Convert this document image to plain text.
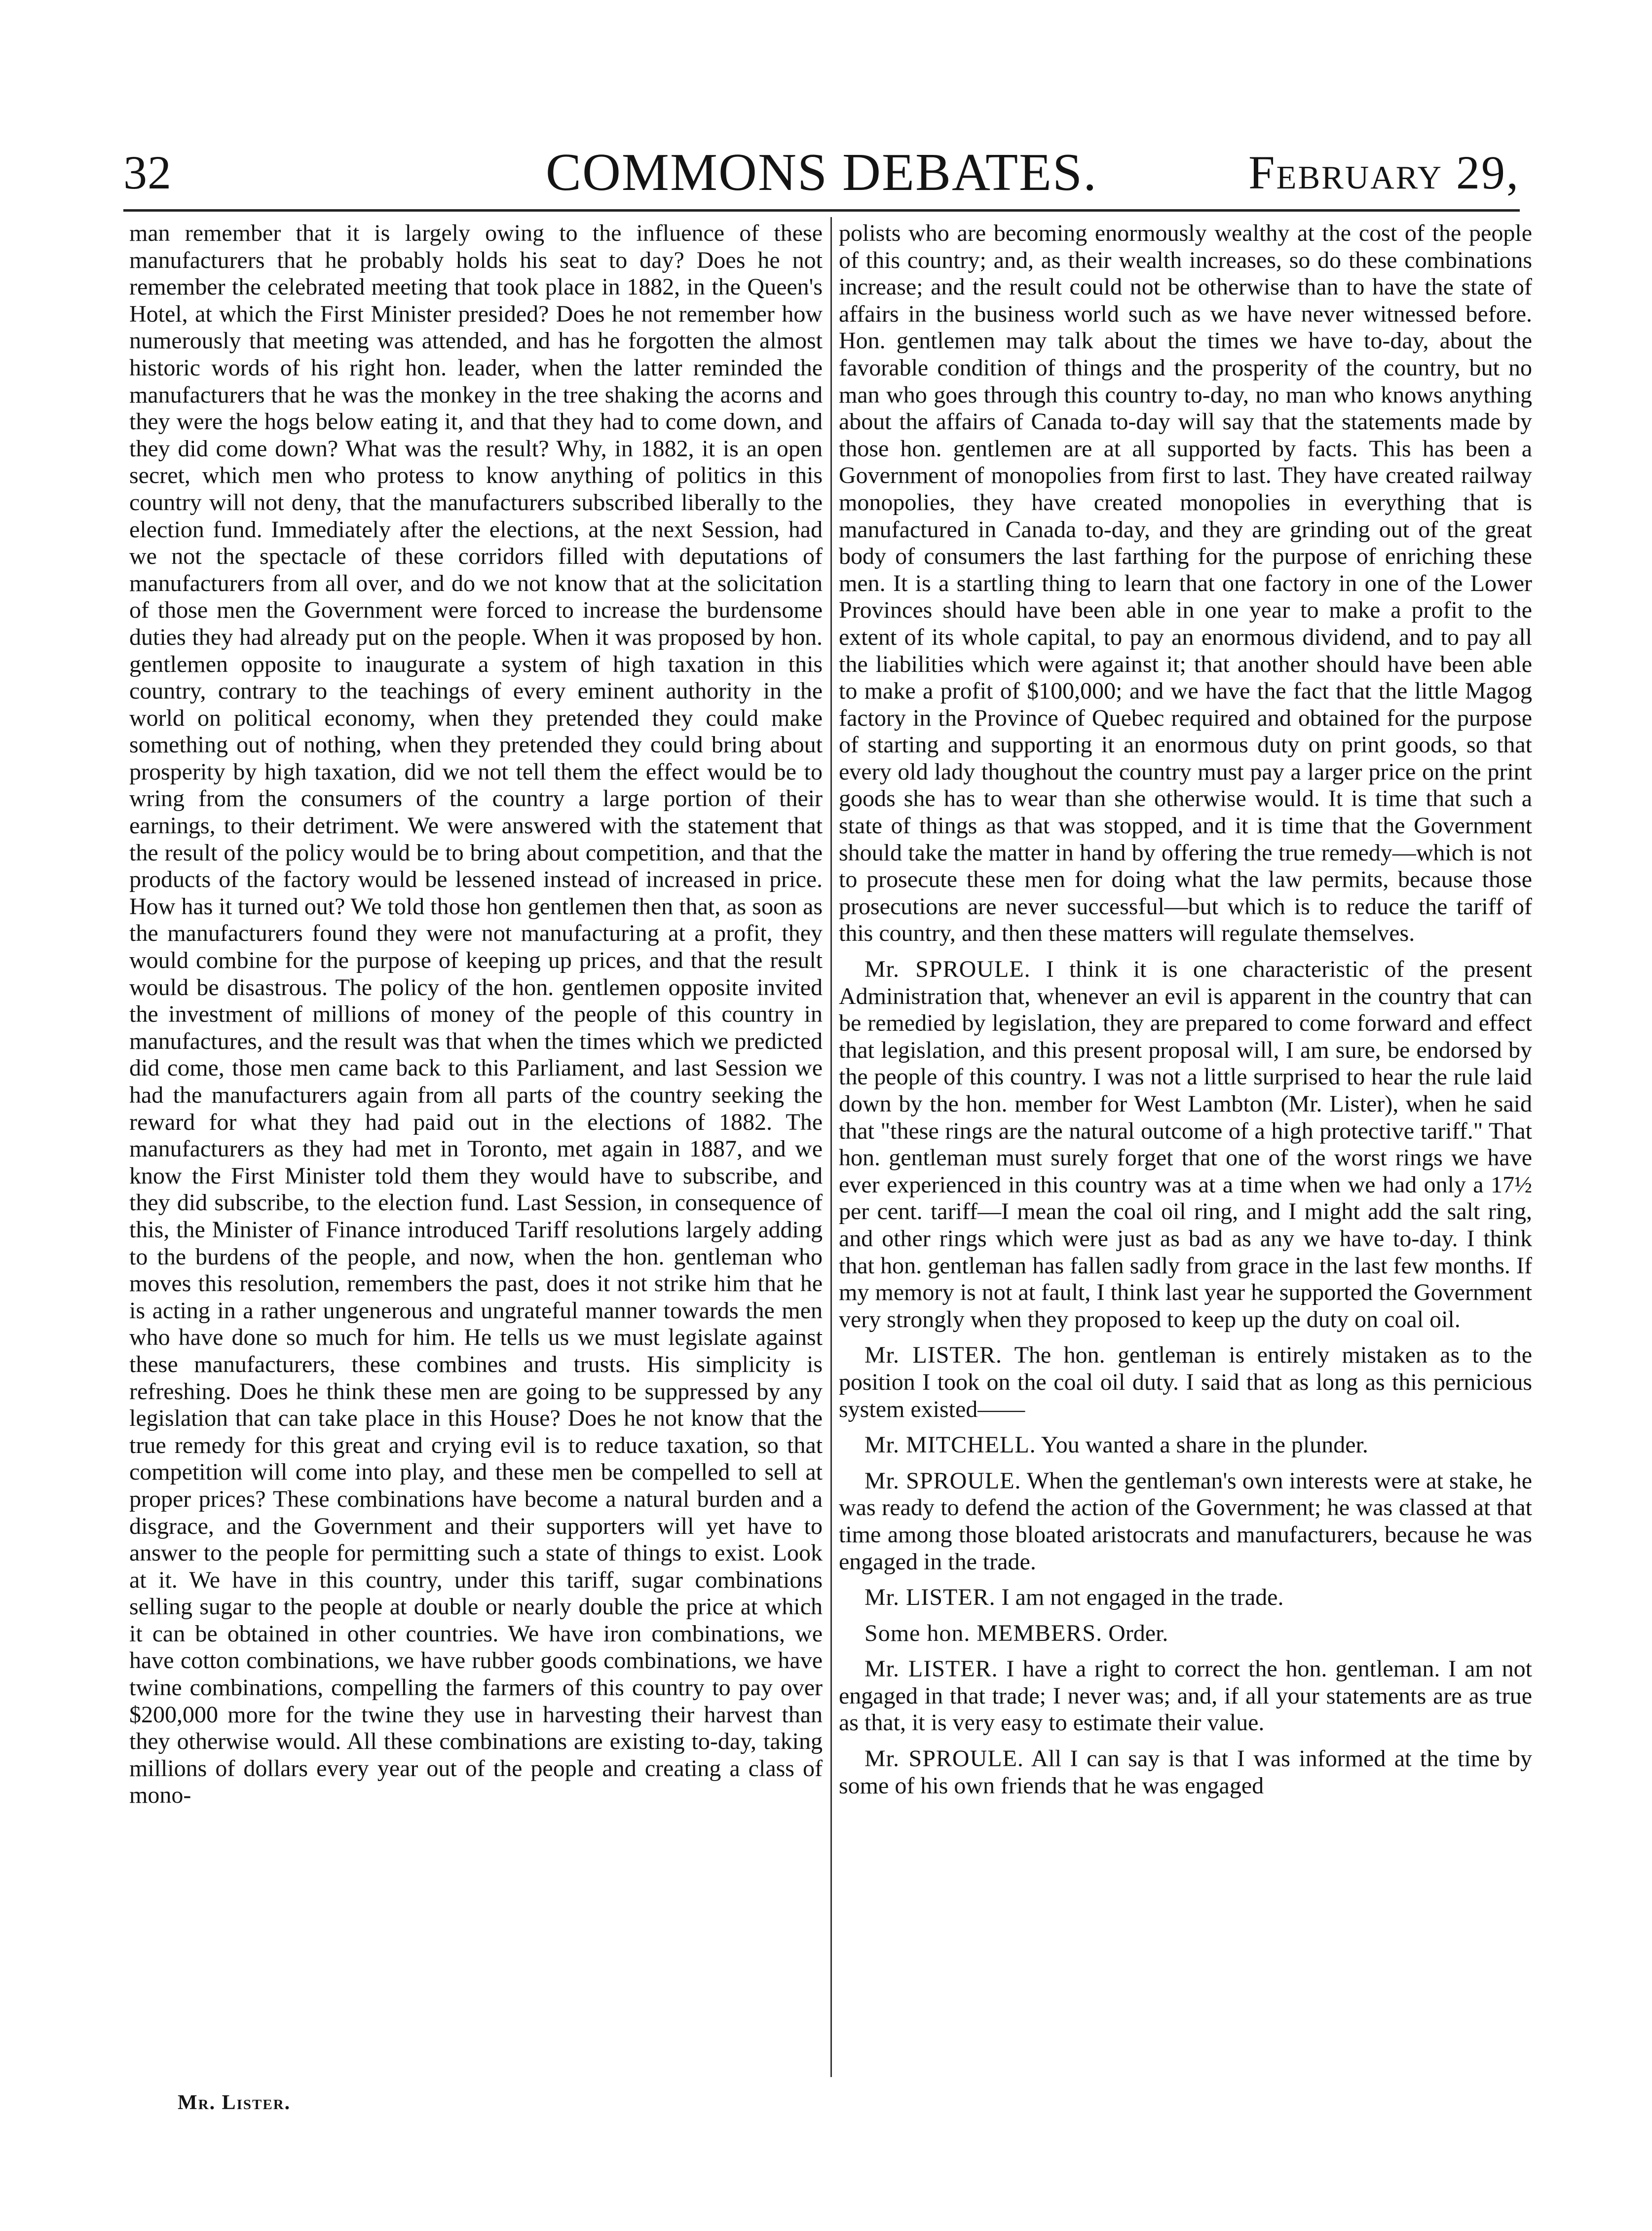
32	COMMONS DEBATES.	February 29,

man remember that it is largely owing to the influence of these manufacturers that he probably holds his seat to day? Does he not remember the celebrated meeting that took place in 1882, in the Queen's Hotel, at which the First Minister presided? Does he not remember how numerously that meeting was attended, and has he forgotten the almost historic words of his right hon. leader, when the latter reminded the manufacturers that he was the monkey in the tree shaking the acorns and they were the hogs below eating it, and that they had to come down, and they did come down? What was the result? Why, in 1882, it is an open secret, which men who protess to know anything of politics in this country will not deny, that the manufacturers subscribed liberally to the election fund. Immediately after the elections, at the next Session, had we not the spectacle of these corridors filled with deputations of manufacturers from all over, and do we not know that at the solicitation of those men the Government were forced to increase the burdensome duties they had already put on the people. When it was proposed by hon. gentlemen opposite to inaugurate a system of high taxation in this country, contrary to the teachings of every eminent authority in the world on political economy, when they pretended they could make something out of nothing, when they pretended they could bring about prosperity by high taxation, did we not tell them the effect would be to wring from the consumers of the country a large portion of their earnings, to their detriment. We were answered with the statement that the result of the policy would be to bring about competition, and that the products of the factory would be lessened instead of increased in price. How has it turned out? We told those hon gentlemen then that, as soon as the manufacturers found they were not manufacturing at a profit, they would combine for the purpose of keeping up prices, and that the result would be disastrous. The policy of the hon. gentlemen opposite invited the investment of millions of money of the people of this country in manufactures, and the result was that when the times which we predicted did come, those men came back to this Parliament, and last Session we had the manufacturers again from all parts of the country seeking the reward for what they had paid out in the elections of 1882. The manufacturers as they had met in Toronto, met again in 1887, and we know the First Minister told them they would have to subscribe, and they did subscribe, to the election fund. Last Session, in consequence of this, the Minister of Finance introduced Tariff resolutions largely adding to the burdens of the people, and now, when the hon. gentleman who moves this resolution, remembers the past, does it not strike him that he is acting in a rather ungenerous and ungrateful manner towards the men who have done so much for him. He tells us we must legislate against these manufacturers, these combines and trusts. His simplicity is refreshing. Does he think these men are going to be suppressed by any legislation that can take place in this House? Does he not know that the true remedy for this great and crying evil is to reduce taxation, so that competition will come into play, and these men be compelled to sell at proper prices? These combinations have become a natural burden and a disgrace, and the Government and their supporters will yet have to answer to the people for permitting such a state of things to exist. Look at it. We have in this country, under this tariff, sugar combinations selling sugar to the people at double or nearly double the price at which it can be obtained in other countries. We have iron combinations, we have cotton combinations, we have rubber goods combinations, we have twine combinations, compelling the farmers of this country to pay over $200,000 more for the twine they use in harvesting their harvest than they otherwise would. All these combinations are existing to-day, taking millions of dollars every year out of the people and creating a class of mono-

polists who are becoming enormously wealthy at the cost of the people of this country; and, as their wealth increases, so do these combinations increase; and the result could not be otherwise than to have the state of affairs in the business world such as we have never witnessed before. Hon. gentlemen may talk about the times we have to-day, about the favorable condition of things and the prosperity of the country, but no man who goes through this country to-day, no man who knows anything about the affairs of Canada to-day will say that the statements made by those hon. gentlemen are at all supported by facts. This has been a Government of monopolies from first to last. They have created railway monopolies, they have created monopolies in everything that is manufactured in Canada to-day, and they are grinding out of the great body of consumers the last farthing for the purpose of enriching these men. It is a startling thing to learn that one factory in one of the Lower Provinces should have been able in one year to make a profit to the extent of its whole capital, to pay an enormous dividend, and to pay all the liabilities which were against it; that another should have been able to make a profit of $100,000; and we have the fact that the little Magog factory in the Province of Quebec required and obtained for the purpose of starting and supporting it an enormous duty on print goods, so that every old lady thoughout the country must pay a larger price on the print goods she has to wear than she otherwise would. It is time that such a state of things as that was stopped, and it is time that the Government should take the matter in hand by offering the true remedy—which is not to prosecute these men for doing what the law permits, because those prosecutions are never successful—but which is to reduce the tariff of this country, and then these matters will regulate themselves.

Mr. SPROULE. I think it is one characteristic of the present Administration that, whenever an evil is apparent in the country that can be remedied by legislation, they are prepared to come forward and effect that legislation, and this present proposal will, I am sure, be endorsed by the people of this country. I was not a little surprised to hear the rule laid down by the hon. member for West Lambton (Mr. Lister), when he said that "these rings are the natural outcome of a high protective tariff." That hon. gentleman must surely forget that one of the worst rings we have ever experienced in this country was at a time when we had only a 17½ per cent. tariff—I mean the coal oil ring, and I might add the salt ring, and other rings which were just as bad as any we have to-day. I think that hon. gentleman has fallen sadly from grace in the last few months. If my memory is not at fault, I think last year he supported the Government very strongly when they proposed to keep up the duty on coal oil.

Mr. LISTER. The hon. gentleman is entirely mistaken as to the position I took on the coal oil duty. I said that as long as this pernicious system existed——

Mr. MITCHELL. You wanted a share in the plunder.

Mr. SPROULE. When the gentleman's own interests were at stake, he was ready to defend the action of the Government; he was classed at that time among those bloated aristocrats and manufacturers, because he was engaged in the trade.

Mr. LISTER. I am not engaged in the trade.

Some hon. MEMBERS. Order.

Mr. LISTER. I have a right to correct the hon. gentleman. I am not engaged in that trade; I never was; and, if all your statements are as true as that, it is very easy to estimate their value.

Mr. SPROULE. All I can say is that I was informed at the time by some of his own friends that he was engaged

Mr. Lister.
